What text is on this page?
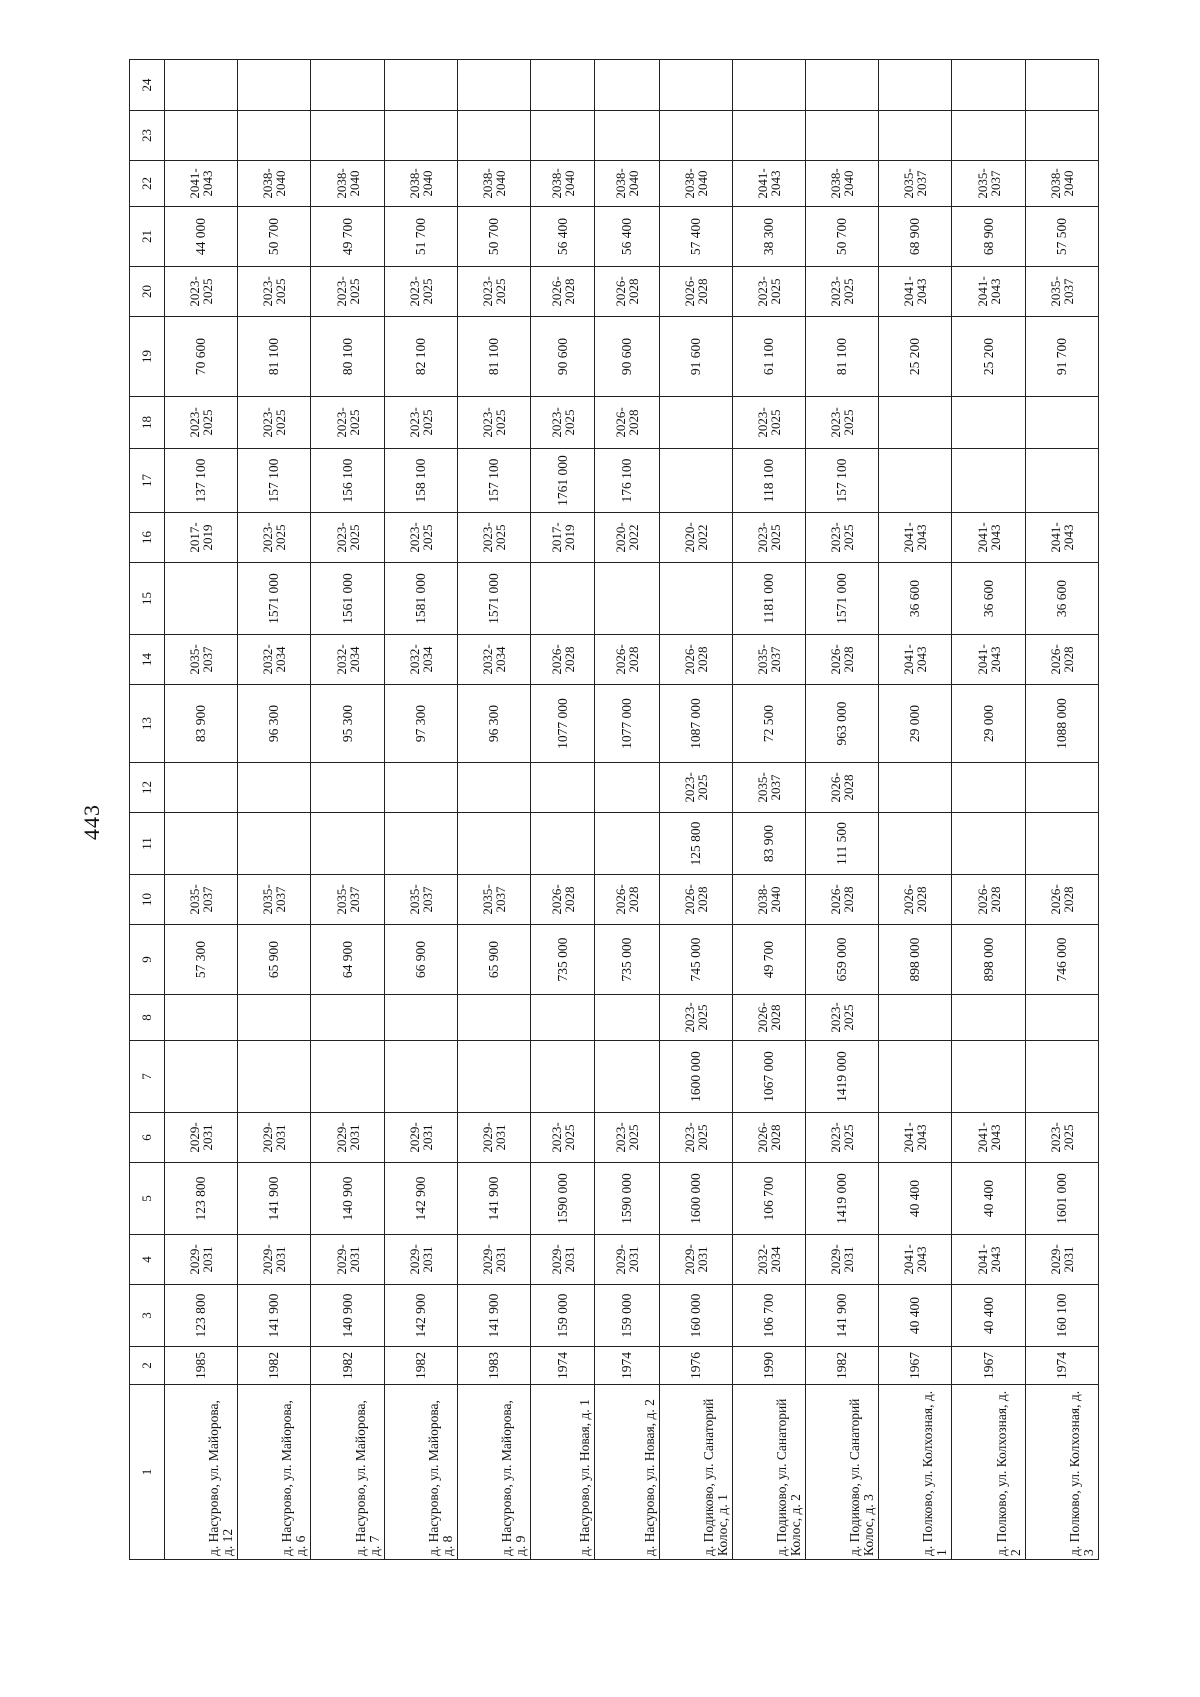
443
1	2	3	4	5	6	7	8	9	10	11	12	13	14	15	16	17	18	19	20	21	22	23	24
д. Насурово, ул. Майорова, д. 12	1985	123 800	2029-2031	123 800	2029-2031			57 300	2035-2037			83 900	2035-2037		2017-2019	137 100	2023-2025	70 600	2023-2025	44 000	2041-2043		
д. Насурово, ул. Майорова, д. 6	1982	141 900	2029-2031	141 900	2029-2031			65 900	2035-2037			96 300	2032-2034	1571 000	2023-2025	157 100	2023-2025	81 100	2023-2025	50 700	2038-2040		
д. Насурово, ул. Майорова, д. 7	1982	140 900	2029-2031	140 900	2029-2031			64 900	2035-2037			95 300	2032-2034	1561 000	2023-2025	156 100	2023-2025	80 100	2023-2025	49 700	2038-2040		
д. Насурово, ул. Майорова, д. 8	1982	142 900	2029-2031	142 900	2029-2031			66 900	2035-2037			97 300	2032-2034	1581 000	2023-2025	158 100	2023-2025	82 100	2023-2025	51 700	2038-2040		
д. Насурово, ул. Майорова, д. 9	1983	141 900	2029-2031	141 900	2029-2031			65 900	2035-2037			96 300	2032-2034	1571 000	2023-2025	157 100	2023-2025	81 100	2023-2025	50 700	2038-2040		
д. Насурово, ул. Новая, д. 1	1974	159 000	2029-2031	1590 000	2023-2025			735 000	2026-2028			1077 000	2026-2028		2017-2019	1761 000	2023-2025	90 600	2026-2028	56 400	2038-2040		
д. Насурово, ул. Новая, д. 2	1974	159 000	2029-2031	1590 000	2023-2025			735 000	2026-2028			1077 000	2026-2028		2020-2022	176 100	2026-2028	90 600	2026-2028	56 400	2038-2040		
д. Подиково, ул. Санаторий Колос, д. 1	1976	160 000	2029-2031	1600 000	2023-2025	1600 000	2023-2025	745 000	2026-2028	125 800	2023-2025	1087 000	2026-2028		2020-2022			91 600	2026-2028	57 400	2038-2040		
д. Подиково, ул. Санаторий Колос, д. 2	1990	106 700	2032-2034	106 700	2026-2028	1067 000	2026-2028	49 700	2038-2040	83 900	2035-2037	72 500	2035-2037	1181 000	2023-2025	118 100	2023-2025	61 100	2023-2025	38 300	2041-2043		
д. Подиково, ул. Санаторий Колос, д. 3	1982	141 900	2029-2031	1419 000	2023-2025	1419 000	2023-2025	659 000	2026-2028	111 500	2026-2028	963 000	2026-2028	1571 000	2023-2025	157 100	2023-2025	81 100	2023-2025	50 700	2038-2040		
д. Полково, ул. Колхозная, д. 1	1967	40 400	2041-2043	40 400	2041-2043			898 000	2026-2028			29 000	2041-2043	36 600	2041-2043			25 200	2041-2043	68 900	2035-2037		
д. Полково, ул. Колхозная, д. 2	1967	40 400	2041-2043	40 400	2041-2043			898 000	2026-2028			29 000	2041-2043	36 600	2041-2043			25 200	2041-2043	68 900	2035-2037		
д. Полково, ул. Колхозная, д. 3	1974	160 100	2029-2031	1601 000	2023-2025			746 000	2026-2028			1088 000	2026-2028	36 600	2041-2043			91 700	2035-2037	57 500	2038-2040		
